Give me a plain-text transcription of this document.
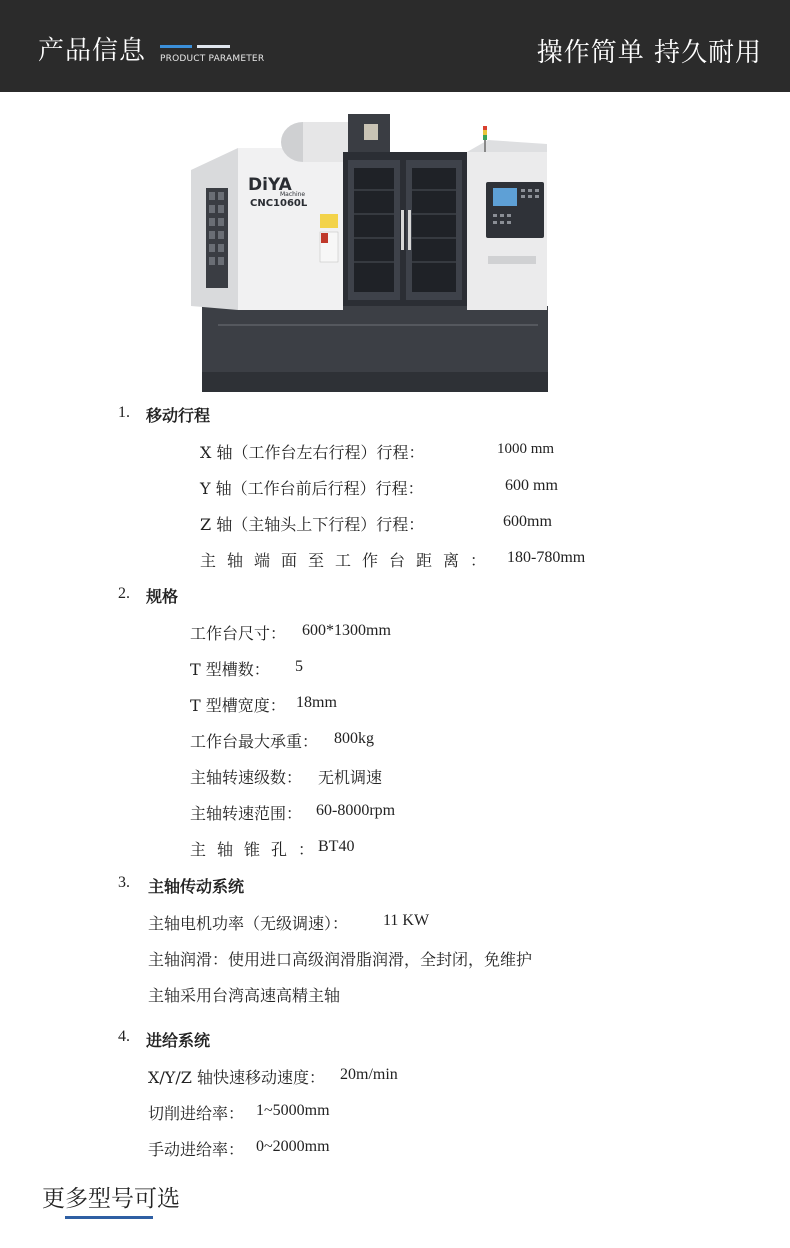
产品信息 PRODUCT PARAMETER	操作简单 持久耐用
DiYA
Machine
CNC1060L
1. 移动行程
X 轴（工作台左右行程）行程：	1000 mm
Y 轴（工作台前后行程）行程：	600 mm
Z 轴（主轴头上下行程）行程：	600mm
主轴端面至工作台距离： 180-780mm
2. 规格
工作台尺寸： 600*1300mm
T 型槽数： 5
T 型槽宽度： 18mm
工作台最大承重： 800kg
主轴转速级数： 无机调速
主轴转速范围： 60-8000rpm
主轴锥孔：
BT40
3. 主轴传动系统
主轴电机功率（无级调速）： 11 KW
主轴润滑：使用进口高级润滑脂润滑，全封闭，免维护
主轴采用台湾高速高精主轴
4. 进给系统
X/Y/Z 轴快速移动速度： 20m/min
切削进给率： 1~5000mm
手动进给率： 0~2000mm
更多型号可选
